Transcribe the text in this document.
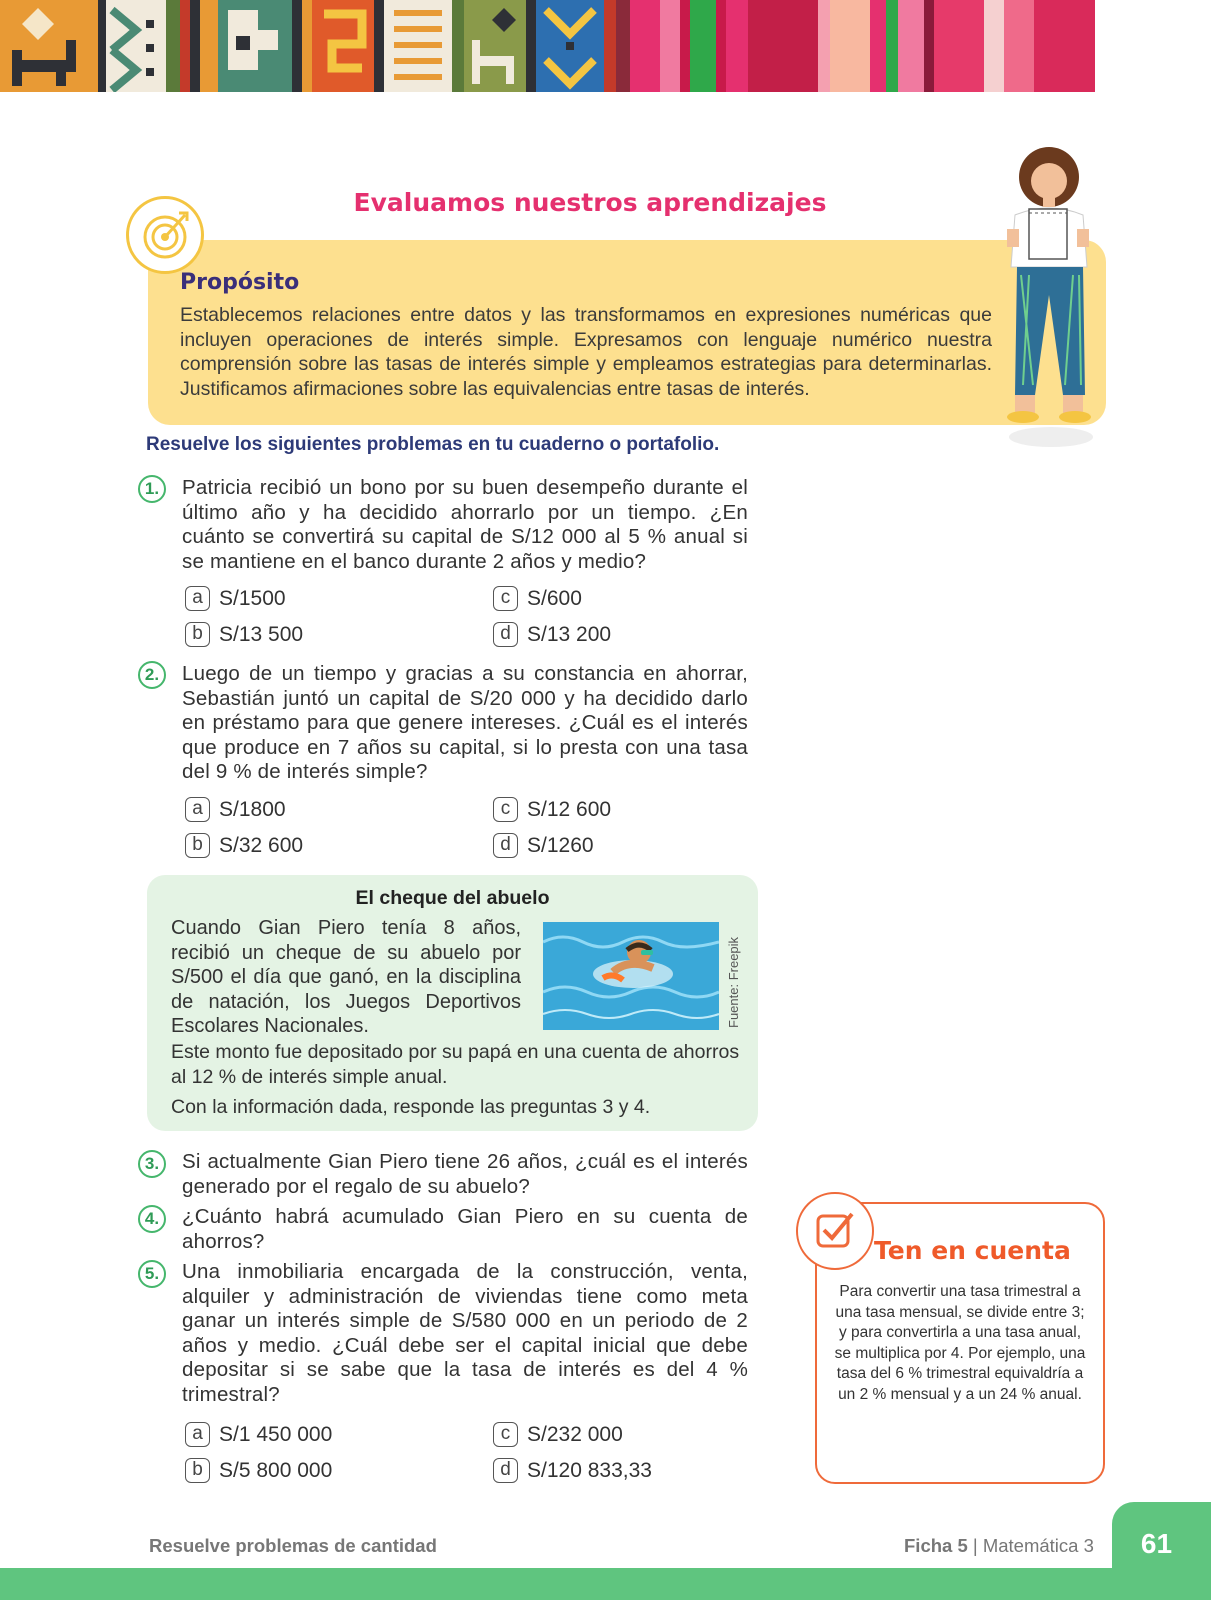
Evaluamos nuestros aprendizajes
Propósito
Establecemos relaciones entre datos y las transformamos en expresiones numéricas que incluyen operaciones de interés simple. Expresamos con lenguaje numérico nuestra comprensión sobre las tasas de interés simple y empleamos estrategias para determinarlas. Justificamos afirmaciones sobre las equivalencias entre tasas de interés.
Resuelve los siguientes problemas en tu cuaderno o portafolio.
1.	Patricia recibió un bono por su buen desempeño durante el último año y ha decidido ahorrarlo por un tiempo. ¿En cuánto se convertirá su capital de S/12 000 al 5 % anual si se mantiene en el banco durante 2 años y medio?
a S/1500
b S/13 500
c S/600
d S/13 200
2.	Luego de un tiempo y gracias a su constancia en ahorrar, Sebastián juntó un capital de S/20 000 y ha decidido darlo en préstamo para que genere intereses. ¿Cuál es el interés que produce en 7 años su capital, si lo presta con una tasa del 9 % de interés simple?
a S/1800
b S/32 600
c S/12 600
d S/1260
El cheque del abuelo
Cuando Gian Piero tenía 8 años, recibió un cheque de su abuelo por S/500 el día que ganó, en la disciplina de natación, los Juegos Deportivos Escolares Nacionales.	Fuente: Freepik
Este monto fue depositado por su papá en una cuenta de ahorros al 12 % de interés simple anual.
Con la información dada, responde las preguntas 3 y 4.
3.	Si actualmente Gian Piero tiene 26 años, ¿cuál es el interés generado por el regalo de su abuelo?
4.	¿Cuánto habrá acumulado Gian Piero en su cuenta de ahorros?
5.	Una inmobiliaria encargada de la construcción, venta, alquiler y administración de viviendas tiene como meta ganar un interés simple de S/580 000 en un periodo de 2 años y medio. ¿Cuál debe ser el capital inicial que debe depositar si se sabe que la tasa de interés es del 4 % trimestral?
a S/1 450 000
b S/5 800 000
c S/232 000
d S/120 833,33
Ten en cuenta
Para convertir una tasa trimestral a una tasa mensual, se divide entre 3; y para convertirla a una tasa anual, se multiplica por 4. Por ejemplo, una tasa del 6 % trimestral equivaldría a un 2 % mensual y a un 24 % anual.
Resuelve problemas de cantidad	Ficha 5 | Matemática 3	61
